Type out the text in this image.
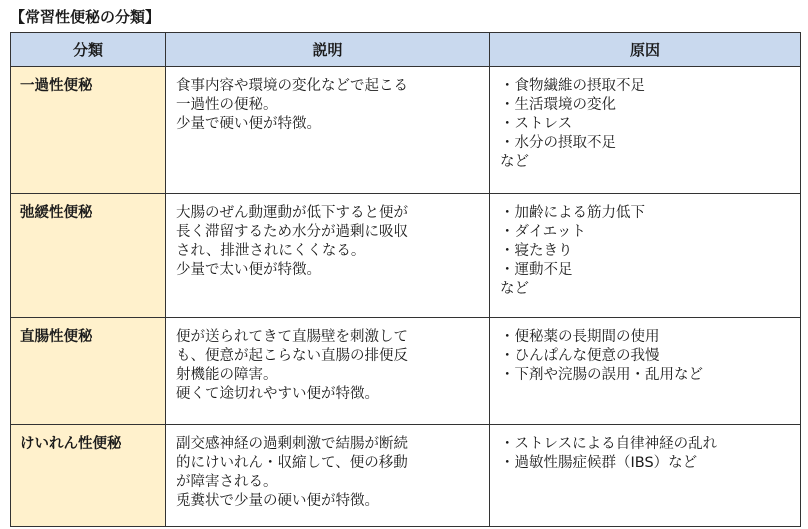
【常習性便秘の分類】
分類	説明	原因
一過性便秘	食事内容や環境の変化などで起こる
一過性の便秘。
少量で硬い便が特徴。	・食物繊維の摂取不足
・生活環境の変化
・ストレス
・水分の摂取不足
など
弛緩性便秘	大腸のぜん動運動が低下すると便が
長く滞留するため水分が過剰に吸収
され、排泄されにくくなる。
少量で太い便が特徴。	・加齢による筋力低下
・ダイエット
・寝たきり
・運動不足
など
直腸性便秘	便が送られてきて直腸壁を刺激して
も、便意が起こらない直腸の排便反
射機能の障害。
硬くて途切れやすい便が特徴。	・便秘薬の長期間の使用
・ひんぱんな便意の我慢
・下剤や浣腸の誤用・乱用など
けいれん性便秘	副交感神経の過剰刺激で結腸が断続
的にけいれん・収縮して、便の移動
が障害される。
兎糞状で少量の硬い便が特徴。	・ストレスによる自律神経の乱れ
・過敏性腸症候群（IBS）など
